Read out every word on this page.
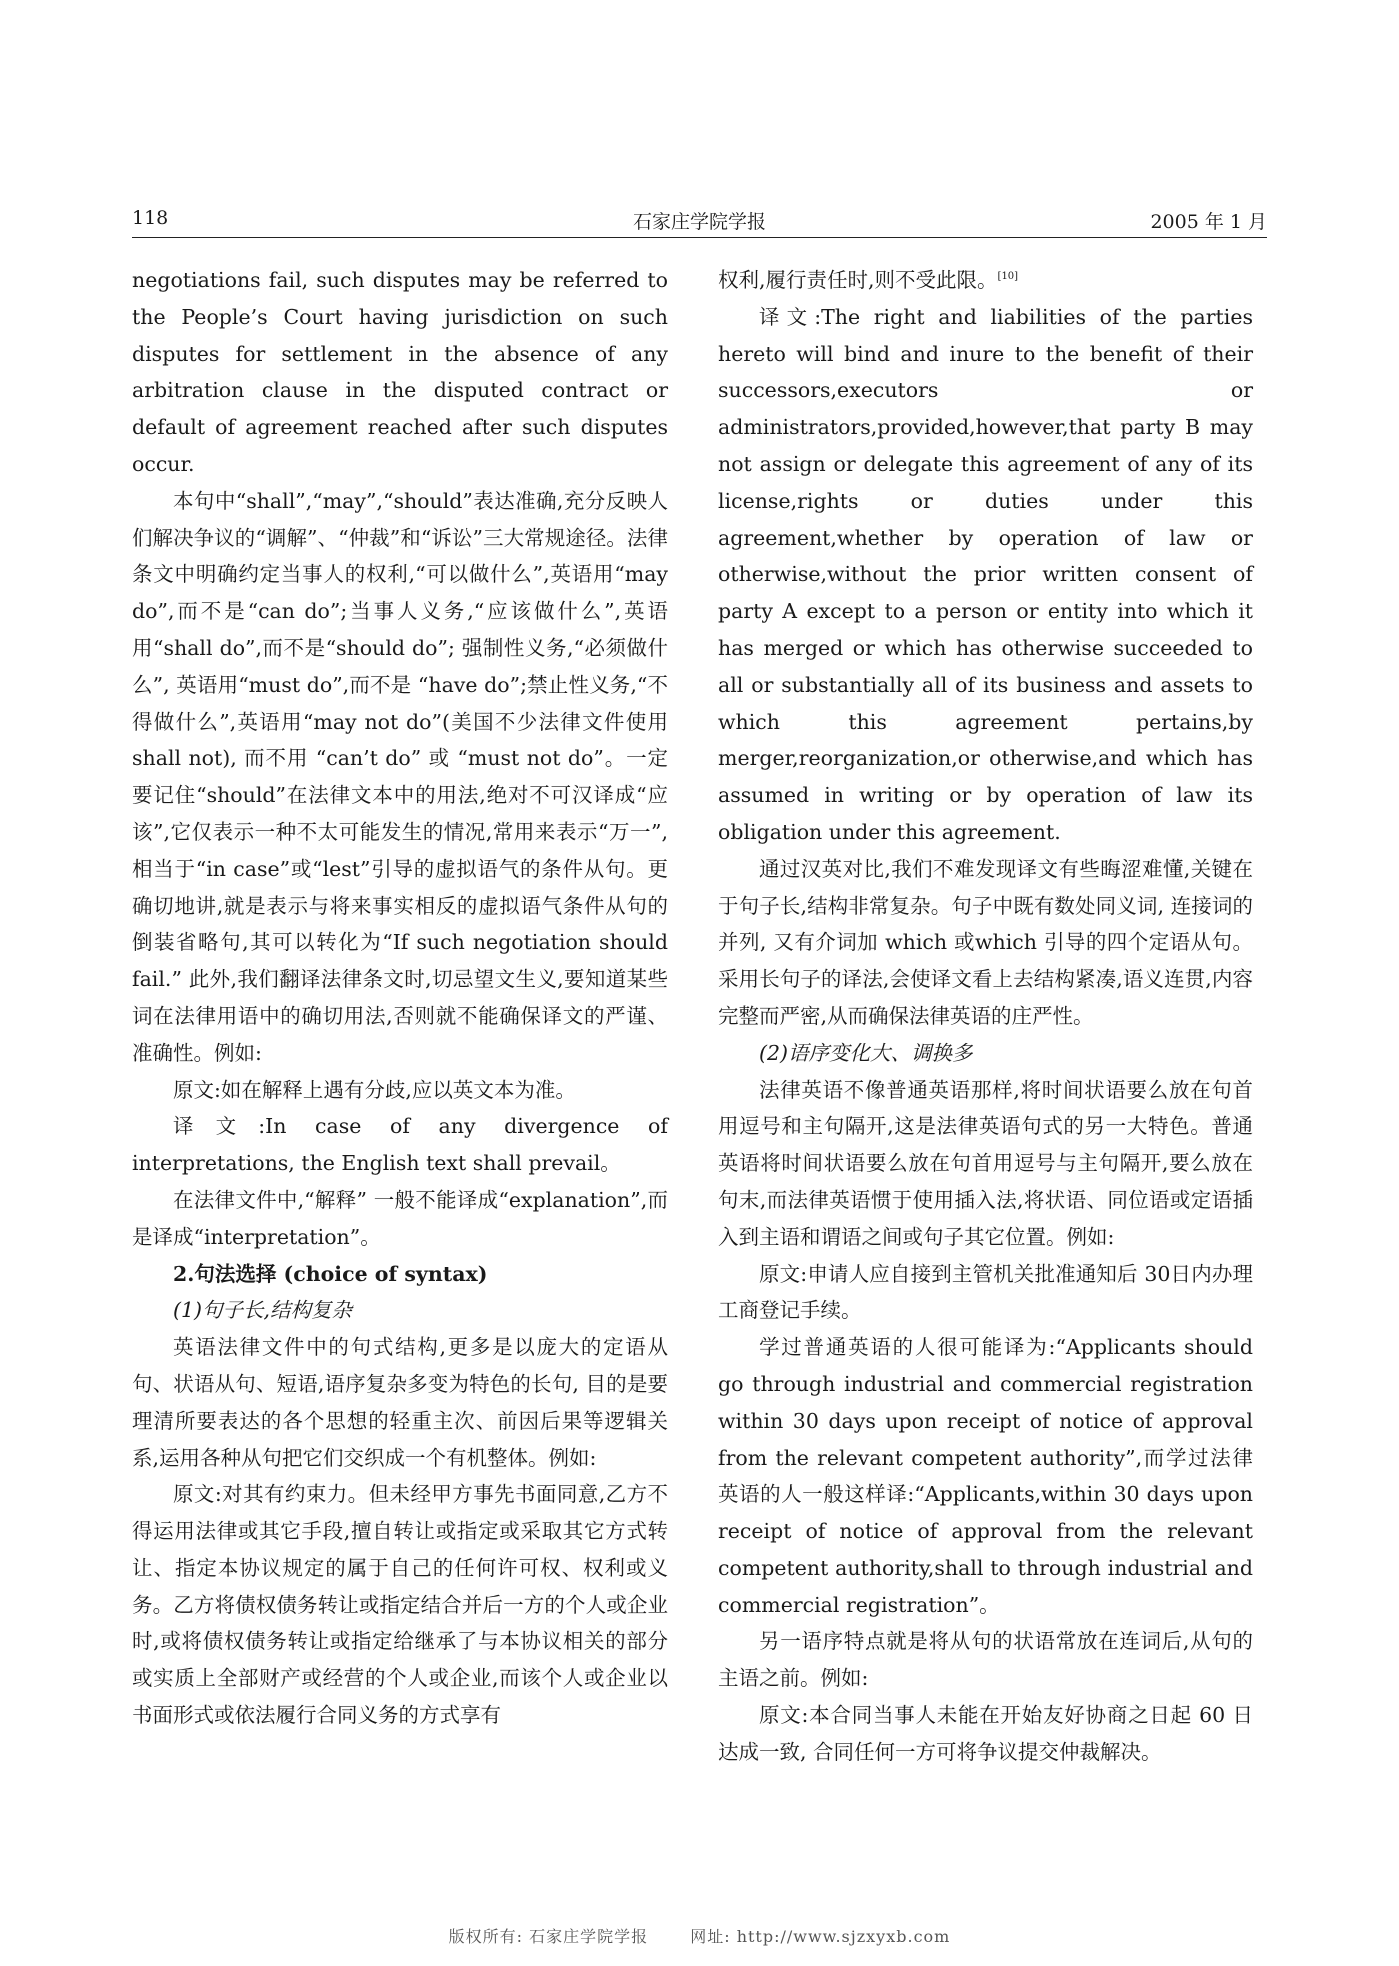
118	石家庄学院学报	2005 年 1 月

negotiations fail, such disputes may be referred to the People’s Court having jurisdiction on such disputes for settlement in the absence of any arbitration clause in the disputed contract or default of agreement reached after such disputes occur.

本句中“shall”,“may”,“should”表达准确,充分反映人们解决争议的“调解”、“仲裁”和“诉讼”三大常规途径。法律条文中明确约定当事人的权利,“可以做什么”,英语用“may do”,而不是“can do”;当事人义务,“应该做什么”,英语用“shall do”,而不是“should do”; 强制性义务,“必须做什么”, 英语用“must do”,而不是 “have do”;禁止性义务,“不得做什么”,英语用“may not do”(美国不少法律文件使用 shall not), 而不用 “can’t do” 或 “must not do”。一定要记住“should”在法律文本中的用法,绝对不可汉译成“应该”,它仅表示一种不太可能发生的情况,常用来表示“万一”,相当于“in case”或“lest”引导的虚拟语气的条件从句。更确切地讲,就是表示与将来事实相反的虚拟语气条件从句的倒装省略句,其可以转化为“If such negotiation should fail.” 此外,我们翻译法律条文时,切忌望文生义,要知道某些词在法律用语中的确切用法,否则就不能确保译文的严谨、准确性。例如:

原文:如在解释上遇有分歧,应以英文本为准。

译文:In case of any divergence of interpretations, the English text shall prevail。

在法律文件中,“解释” 一般不能译成“explanation”,而是译成“interpretation”。

2.句法选择 (choice of syntax)

(1)句子长,结构复杂

英语法律文件中的句式结构,更多是以庞大的定语从句、状语从句、短语,语序复杂多变为特色的长句, 目的是要理清所要表达的各个思想的轻重主次、前因后果等逻辑关系,运用各种从句把它们交织成一个有机整体。例如:

原文:对其有约束力。但未经甲方事先书面同意,乙方不得运用法律或其它手段,擅自转让或指定或采取其它方式转让、指定本协议规定的属于自己的任何许可权、权利或义务。乙方将债权债务转让或指定结合并后一方的个人或企业时,或将债权债务转让或指定给继承了与本协议相关的部分或实质上全部财产或经营的个人或企业,而该个人或企业以书面形式或依法履行合同义务的方式享有

权利,履行责任时,则不受此限。[10]

译文:The right and liabilities of the parties hereto will bind and inure to the benefit of their successors,executors or administrators,provided,however,that party B may not assign or delegate this agreement of any of its license,rights or duties under this agreement,whether by operation of law or otherwise,without the prior written consent of party A except to a person or entity into which it has merged or which has otherwise succeeded to all or substantially all of its business and assets to which this agreement pertains,by merger,reorganization,or otherwise,and which has assumed in writing or by operation of law its obligation under this agreement.

通过汉英对比,我们不难发现译文有些晦涩难懂,关键在于句子长,结构非常复杂。句子中既有数处同义词, 连接词的并列, 又有介词加 which 或which 引导的四个定语从句。采用长句子的译法,会使译文看上去结构紧凑,语义连贯,内容完整而严密,从而确保法律英语的庄严性。

(2)语序变化大、调换多

法律英语不像普通英语那样,将时间状语要么放在句首用逗号和主句隔开,这是法律英语句式的另一大特色。普通英语将时间状语要么放在句首用逗号与主句隔开,要么放在句末,而法律英语惯于使用插入法,将状语、同位语或定语插入到主语和谓语之间或句子其它位置。例如:

原文:申请人应自接到主管机关批准通知后 30日内办理工商登记手续。

学过普通英语的人很可能译为:“Applicants should go through industrial and commercial registration within 30 days upon receipt of notice of approval from the relevant competent authority”,而学过法律英语的人一般这样译:“Applicants,within 30 days upon receipt of notice of approval from the relevant competent authority,shall to through industrial and commercial registration”。

另一语序特点就是将从句的状语常放在连词后,从句的主语之前。例如:

原文:本合同当事人未能在开始友好协商之日起 60 日达成一致, 合同任何一方可将争议提交仲裁解决。

版权所有: 石家庄学院学报	网址: http://www.sjzxyxb.com
